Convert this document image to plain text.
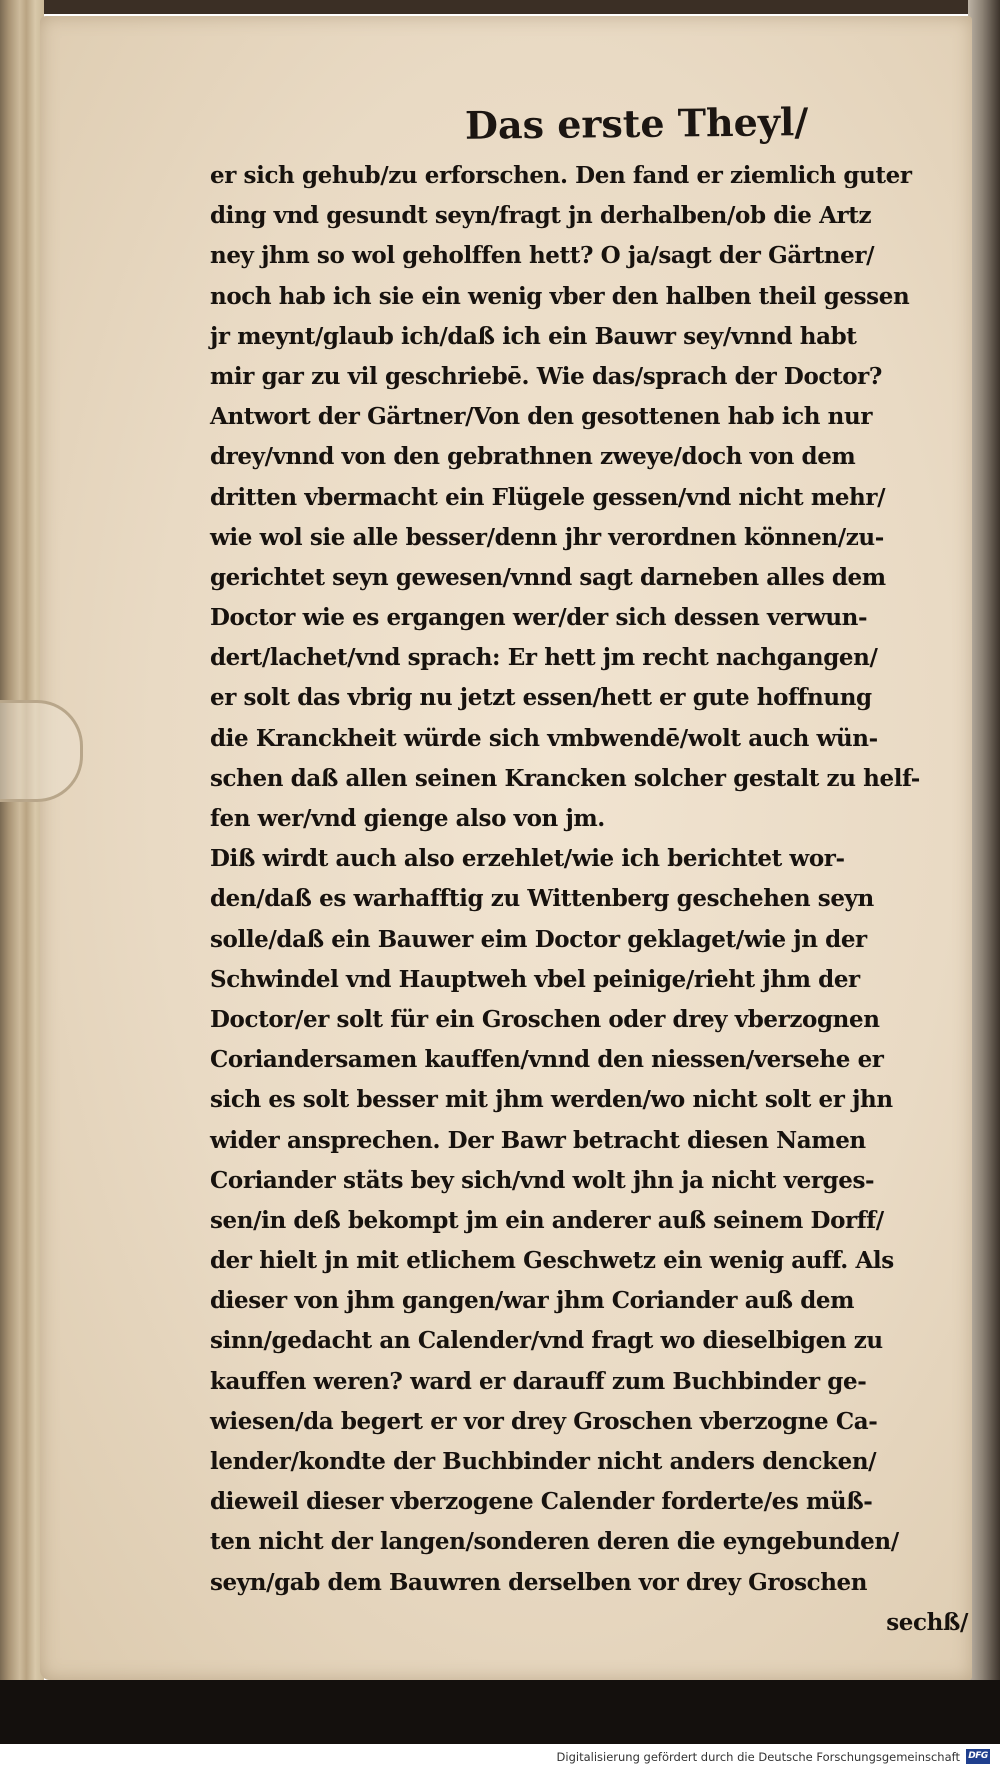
Das erste Theyl/
er sich gehub/zu erforschen. Den fand er ziemlich guter
ding vnd gesundt seyn/fragt jn derhalben/ob die Artz
ney jhm so wol geholffen hett? O ja/sagt der Gärtner/
noch hab ich sie ein wenig vber den halben theil gessen
jr meynt/glaub ich/daß ich ein Bauwr sey/vnnd habt
mir gar zu vil geschriebē. Wie das/sprach der Doctor?
Antwort der Gärtner/Von den gesottenen hab ich nur
drey/vnnd von den gebrathnen zweye/doch von dem
dritten vbermacht ein Flügele gessen/vnd nicht mehr/
wie wol sie alle besser/denn jhr verordnen können/zu-
gerichtet seyn gewesen/vnnd sagt darneben alles dem
Doctor wie es ergangen wer/der sich dessen verwun-
dert/lachet/vnd sprach: Er hett jm recht nachgangen/
er solt das vbrig nu jetzt essen/hett er gute hoffnung
die Kranckheit würde sich vmbwendē/wolt auch wün-
schen daß allen seinen Krancken solcher gestalt zu helf-
fen wer/vnd gienge also von jm.
Diß wirdt auch also erzehlet/wie ich berichtet wor-
den/daß es warhafftig zu Wittenberg geschehen seyn
solle/daß ein Bauwer eim Doctor geklaget/wie jn der
Schwindel vnd Hauptweh vbel peinige/rieht jhm der
Doctor/er solt für ein Groschen oder drey vberzognen
Coriandersamen kauffen/vnnd den niessen/versehe er
sich es solt besser mit jhm werden/wo nicht solt er jhn
wider ansprechen. Der Bawr betracht diesen Namen
Coriander stäts bey sich/vnd wolt jhn ja nicht verges-
sen/in deß bekompt jm ein anderer auß seinem Dorff/
der hielt jn mit etlichem Geschwetz ein wenig auff. Als
dieser von jhm gangen/war jhm Coriander auß dem
sinn/gedacht an Calender/vnd fragt wo dieselbigen zu
kauffen weren? ward er darauff zum Buchbinder ge-
wiesen/da begert er vor drey Groschen vberzogne Ca-
lender/kondte der Buchbinder nicht anders dencken/
dieweil dieser vberzogene Calender forderte/es müß-
ten nicht der langen/sonderen deren die eyngebunden/
seyn/gab dem Bauwren derselben vor drey Groschen
sechß/
Digitalisierung gefördert durch die Deutsche Forschungsgemeinschaft DFG
